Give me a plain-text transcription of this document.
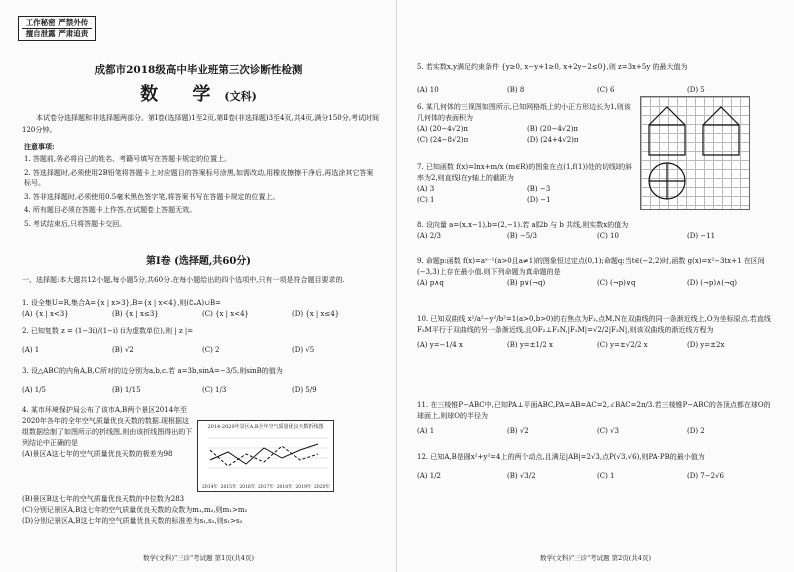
工作秘密 严禁外传
擅自泄露 严肃追责
成都市2018级高中毕业班第三次诊断性检测
数 学(文科)
本试卷分选择题和非选择题两部分。第Ⅰ卷(选择题)1至2页,第Ⅱ卷(非选择题)3至4页,共4页,满分150分,考试时间120分钟。
注意事项:

1. 答题前,务必将自己的姓名、考籍号填写在答题卡规定的位置上。

2. 答选择题时,必须使用2B铅笔将答题卡上对应题目的答案标号涂黑,如需改动,用橡皮擦擦干净后,再选涂其它答案标号。

3. 答非选择题时,必须使用0.5毫米黑色签字笔,将答案书写在答题卡规定的位置上。

4. 所有题目必须在答题卡上作答,在试题卷上答题无效。

5. 考试结束后,只将答题卡交回。

第Ⅰ卷 (选择题,共60分)
一、选择题:本大题共12小题,每小题5分,共60分.在每小题给出的四个选项中,只有一项是符合题目要求的.
1. 设全集U=R,集合A={x | x>3},B={x | x<4},则(∁ᵤA)∪B=
(A) {x | x<3}	(B) {x | x≤3}	(C) {x | x<4}	(D) {x | x≤4}
2. 已知复数 z = (1−3i)/(1−i) (i为虚数单位),则 | z |=
(A) 1	(B) √2	(C) 2	(D) √5
3. 设△ABC的内角A,B,C所对的边分别为a,b,c.若 a=3b,sinA=−3/5,则sinB的值为
(A) 1/5	(B) 1/15	(C) 1/3	(D) 5/9
4. 某市环境保护局公布了该市A,B两个景区2014年至2020年各年的全年空气质量优良天数的数据.现根据这组数据绘制了如图所示的折线图,则由该折线图得出的下列结论中正确的是
(A)景区A这七年的空气质量优良天数的极差为98
(B)景区B这七年的空气质量优良天数的中位数为283
(C)分别记景区A,B这七年的空气质量优良天数的众数为m₁,m₂,则m₁>m₂
(D)分别记景区A,B这七年的空气质量优良天数的标准差为s₁,s₂,则s₁>s₂
2014-2020年景区A,B全年空气质量优良天数折线图
2014年 2015年 2016年 2017年 2018年 2019年 2020年
数学(文科)"三诊"考试题 第1页(共4页)
5. 若实数x,y满足约束条件 {y≥0, x−y+1≥0, x+2y−2≤0},则 z=3x+5y 的最大值为
(A) 10	(B) 8	(C) 6	(D) 5
6. 某几何体的三视图如图所示,已知网格纸上的小正方形边长为1,则该几何体的表面积为
(A) (20−4√2)π	(B) (20−4√2)π
(C) (24−8√2)π	(D) (24+4√2)π
7. 已知函数 f(x)=lnx+m/x (m∈R)的图象在点(1,f(1))处的切线l的斜率为2,则直线l在y轴上的截距为
(A) 3	(B) −3
(C) 1	(D) −1
8. 设向量 a=(x,x−1),b=(2,−1).若 a∥2b 与 b 共线,则实数x的值为
(A) 2/3	(B) −5/3	(C) 10	(D) −11
9. 命题p:函数 f(x)=aˣ⁻¹(a>0且a≠1)的图象恒过定点(0,1);命题q:当t∈(−2,2)时,函数 g(x)=x²−3tx+1 在区间(−3,3)上存在最小值.则下列命题为真命题的是
(A) p∧q	(B) p∨(¬q)	(C) (¬p)∨q	(D) (¬p)∧(¬q)
10. 已知双曲线 x²/a²−y²/b²=1(a>0,b>0)的右焦点为F₂,点M,N在双曲线的同一条渐近线上,O为坐标原点.若直线F₂M平行于双曲线的另一条渐近线,且OF₂⊥F₂N,|F₂M|=√2/2|F₂N|,则该双曲线的渐近线方程为
(A) y=−1/4 x	(B) y=±1/2 x	(C) y=±√2/2 x	(D) y=±2x
11. 在三棱锥P−ABC中,已知PA⊥平面ABC,PA=AB=AC=2,∠BAC=2π/3.若三棱锥P−ABC的各顶点都在球O的球面上,则球O的半径为
(A) 1	(B) √2	(C) √3	(D) 2
12. 已知A,B是圆x²+y²=4上的两个动点,且满足|AB|=2√3,点P(√3,√6),则PA·PB的最小值为
(A) 1/2	(B) √3/2	(C) 1	(D) 7−2√6
数学(文科)"三诊"考试题 第2页(共4页)
